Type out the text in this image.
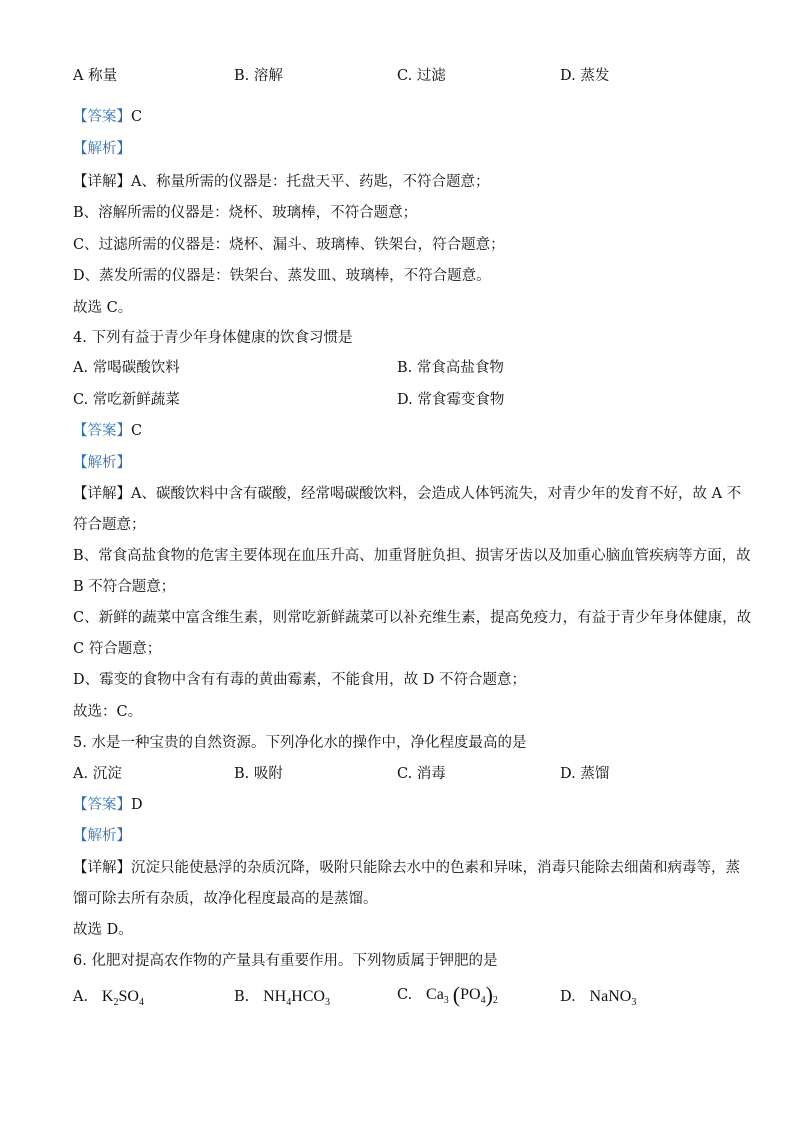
A 称量	B. 溶解	C. 过滤	D. 蒸发
【答案】C
【解析】
【详解】A、称量所需的仪器是：托盘天平、药匙，不符合题意；
B、溶解所需的仪器是：烧杯、玻璃棒，不符合题意；
C、过滤所需的仪器是：烧杯、漏斗、玻璃棒、铁架台，符合题意；
D、蒸发所需的仪器是：铁架台、蒸发皿、玻璃棒，不符合题意。
故选 C。
4. 下列有益于青少年身体健康的饮食习惯是
A. 常喝碳酸饮料	B. 常食高盐食物
C. 常吃新鲜蔬菜	D. 常食霉变食物
【答案】C
【解析】
【详解】A、碳酸饮料中含有碳酸，经常喝碳酸饮料，会造成人体钙流失，对青少年的发育不好，故 A 不
符合题意；
B、常食高盐食物的危害主要体现在血压升高、加重肾脏负担、损害牙齿以及加重心脑血管疾病等方面，故
B 不符合题意；
C、新鲜的蔬菜中富含维生素，则常吃新鲜蔬菜可以补充维生素，提高免疫力，有益于青少年身体健康，故
C 符合题意；
D、霉变的食物中含有有毒的黄曲霉素，不能食用，故 D 不符合题意；
故选：C。
5. 水是一种宝贵的自然资源。下列净化水的操作中，净化程度最高的是
A. 沉淀	B. 吸附	C. 消毒	D. 蒸馏
【答案】D
【解析】
【详解】沉淀只能使悬浮的杂质沉降，吸附只能除去水中的色素和异味，消毒只能除去细菌和病毒等，蒸
馏可除去所有杂质，故净化程度最高的是蒸馏。
故选 D。
6. 化肥对提高农作物的产量具有重要作用。下列物质属于钾肥的是
A. $K_2SO_4$	B. $NH_4HCO_3$	C. $Ca_3$ $(PO_4)_2$	D. NaNO$_3$
